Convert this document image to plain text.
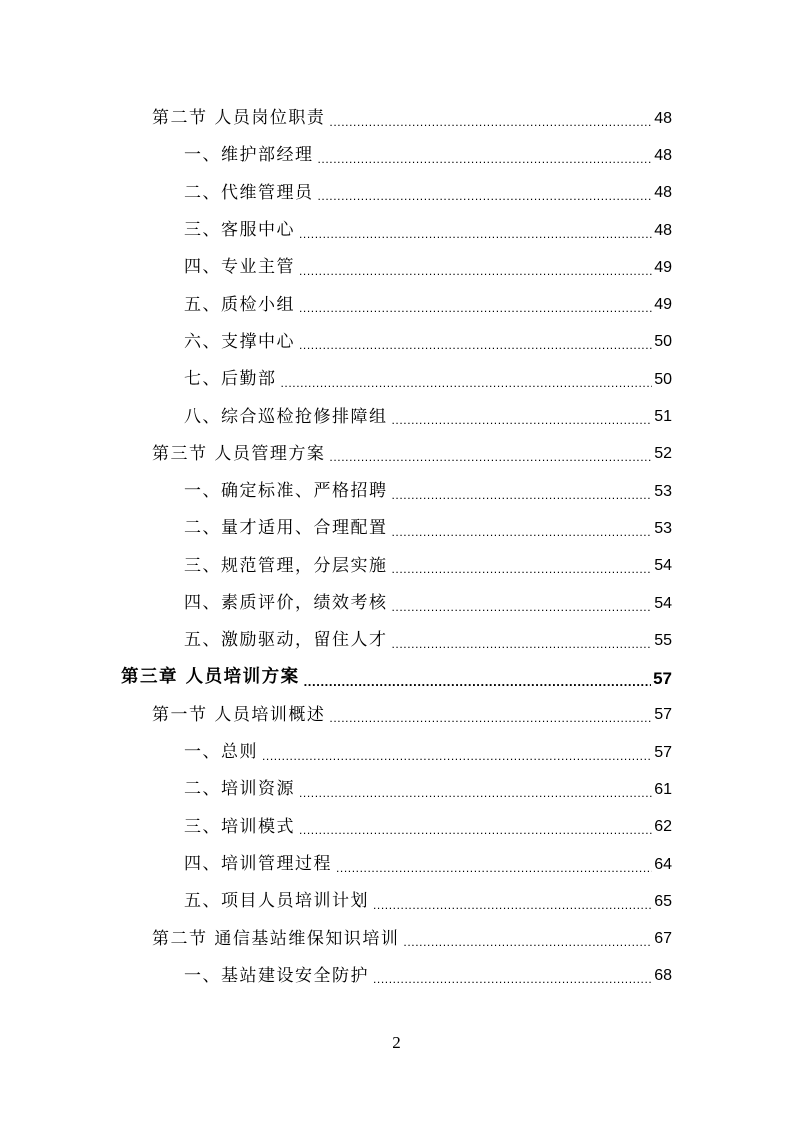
第二节 人员岗位职责 .....	48
一、维护部经理 .....	48
二、代维管理员 .....	48
三、客服中心 .....	48
四、专业主管 .....	49
五、质检小组 .....	49
六、支撑中心 .....	50
七、后勤部 .....	50
八、综合巡检抢修排障组 .....	51
第三节 人员管理方案 .....	52
一、确定标准、严格招聘 .....	53
二、量才适用、合理配置 .....	53
三、规范管理，分层实施 .....	54
四、素质评价，绩效考核 .....	54
五、激励驱动，留住人才 .....	55
第三章 人员培训方案 .....	57
第一节 人员培训概述 .....	57
一、总则 .....	57
二、培训资源 .....	61
三、培训模式 .....	62
四、培训管理过程 .....	64
五、项目人员培训计划 .....	65
第二节 通信基站维保知识培训 .....	67
一、基站建设安全防护 .....	68
2
